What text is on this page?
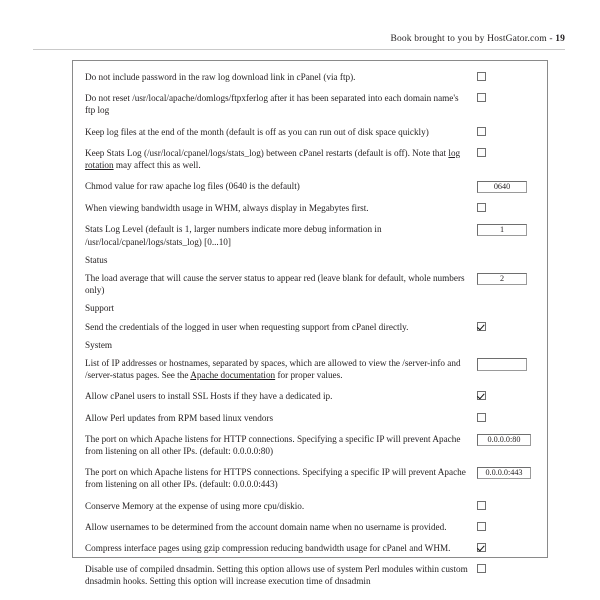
Book brought to you by HostGator.com - 19
Do not include password in the raw log download link in cPanel (via ftp).
Do not reset /usr/local/apache/domlogs/ftpxferlog after it has been separated into each domain name's ftp log
Keep log files at the end of the month (default is off as you can run out of disk space quickly)
Keep Stats Log (/usr/local/cpanel/logs/stats_log) between cPanel restarts (default is off). Note that log rotation may affect this as well.
Chmod value for raw apache log files (0640 is the default)	0640
When viewing bandwidth usage in WHM, always display in Megabytes first.
Stats Log Level (default is 1, larger numbers indicate more debug information in /usr/local/cpanel/logs/stats_log) [0...10]
1
Status
The load average that will cause the server status to appear red (leave blank for default, whole numbers only)
2
Support
Send the credentials of the logged in user when requesting support from cPanel directly.
System
List of IP addresses or hostnames, separated by spaces, which are allowed to view the /server-info and /server-status pages. See the Apache documentation for proper values.
Allow cPanel users to install SSL Hosts if they have a dedicated ip.
Allow Perl updates from RPM based linux vendors
The port on which Apache listens for HTTP connections. Specifying a specific IP will prevent Apache from listening on all other IPs. (default: 0.0.0.0:80)
0.0.0.0:80
The port on which Apache listens for HTTPS connections. Specifying a specific IP will prevent Apache from listening on all other IPs. (default: 0.0.0.0:443)
0.0.0.0:443
Conserve Memory at the expense of using more cpu/diskio.
Allow usernames to be determined from the account domain name when no username is provided.
Compress interface pages using gzip compression reducing bandwidth usage for cPanel and WHM.
Disable use of compiled dnsadmin. Setting this option allows use of system Perl modules within custom dnsadmin hooks. Setting this option will increase execution time of dnsadmin
